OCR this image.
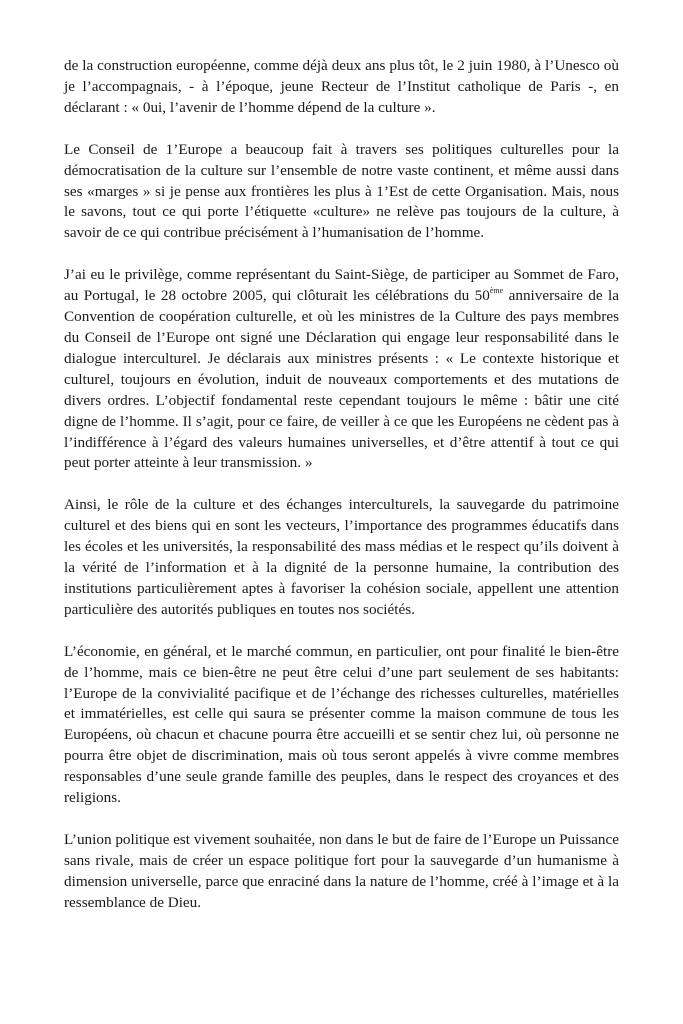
de la construction européenne, comme déjà deux ans plus tôt, le 2 juin 1980, à l’Unesco où je l’accompagnais, - à l’époque, jeune Recteur de l’Institut catholique de Paris -, en déclarant : « 0ui, l’avenir de l’homme dépend de la culture ».

Le Conseil de 1’Europe a beaucoup fait à travers ses politiques culturelles pour la démocratisation de la culture sur l’ensemble de notre vaste continent, et même aussi dans ses «marges » si je pense aux frontières les plus à 1’Est de cette Organisation. Mais, nous le savons, tout ce qui porte l’étiquette «culture» ne relève pas toujours de la culture, à savoir de ce qui contribue précisément à l’humanisation de l’homme.

J’ai eu le privilège, comme représentant du Saint-Siège, de participer au Sommet de Faro, au Portugal, le 28 octobre 2005, qui clôturait les célébrations du 50ème anniversaire de la Convention de coopération culturelle, et où les ministres de la Culture des pays membres du Conseil de l’Europe ont signé une Déclaration qui engage leur responsabilité dans le dialogue interculturel. Je déclarais aux ministres présents : « Le contexte historique et culturel, toujours en évolution, induit de nouveaux comportements et des mutations de divers ordres. L’objectif fondamental reste cependant toujours le même : bâtir une cité digne de l’homme. Il s’agit, pour ce faire, de veiller à ce que les Européens ne cèdent pas à l’indifférence à l’égard des valeurs humaines universelles, et d’être attentif à tout ce qui peut porter atteinte à leur transmission. »

Ainsi, le rôle de la culture et des échanges interculturels, la sauvegarde du patrimoine culturel et des biens qui en sont les vecteurs, l’importance des programmes éducatifs dans les écoles et les universités, la responsabilité des mass médias et le respect qu’ils doivent à la vérité de l’information et à la dignité de la personne humaine, la contribution des institutions particulièrement aptes à favoriser la cohésion sociale, appellent une attention particulière des autorités publiques en toutes nos sociétés.

L’économie, en général, et le marché commun, en particulier, ont pour finalité le bien-être de l’homme, mais ce bien-être ne peut être celui d’une part seulement de ses habitants: l’Europe de la convivialité pacifique et de l’échange des richesses culturelles, matérielles et immatérielles, est celle qui saura se présenter comme la maison commune de tous les Européens, où chacun et chacune pourra être accueilli et se sentir chez lui, où personne ne pourra être objet de discrimination, mais où tous seront appelés à vivre comme membres responsables d’une seule grande famille des peuples, dans le respect des croyances et des religions.

L’union politique est vivement souhaitée, non dans le but de faire de l’Europe un Puissance sans rivale, mais de créer un espace politique fort pour la sauvegarde d’un humanisme à dimension universelle, parce que enraciné dans la nature de l’homme, créé à l’image et à la ressemblance de Dieu.
